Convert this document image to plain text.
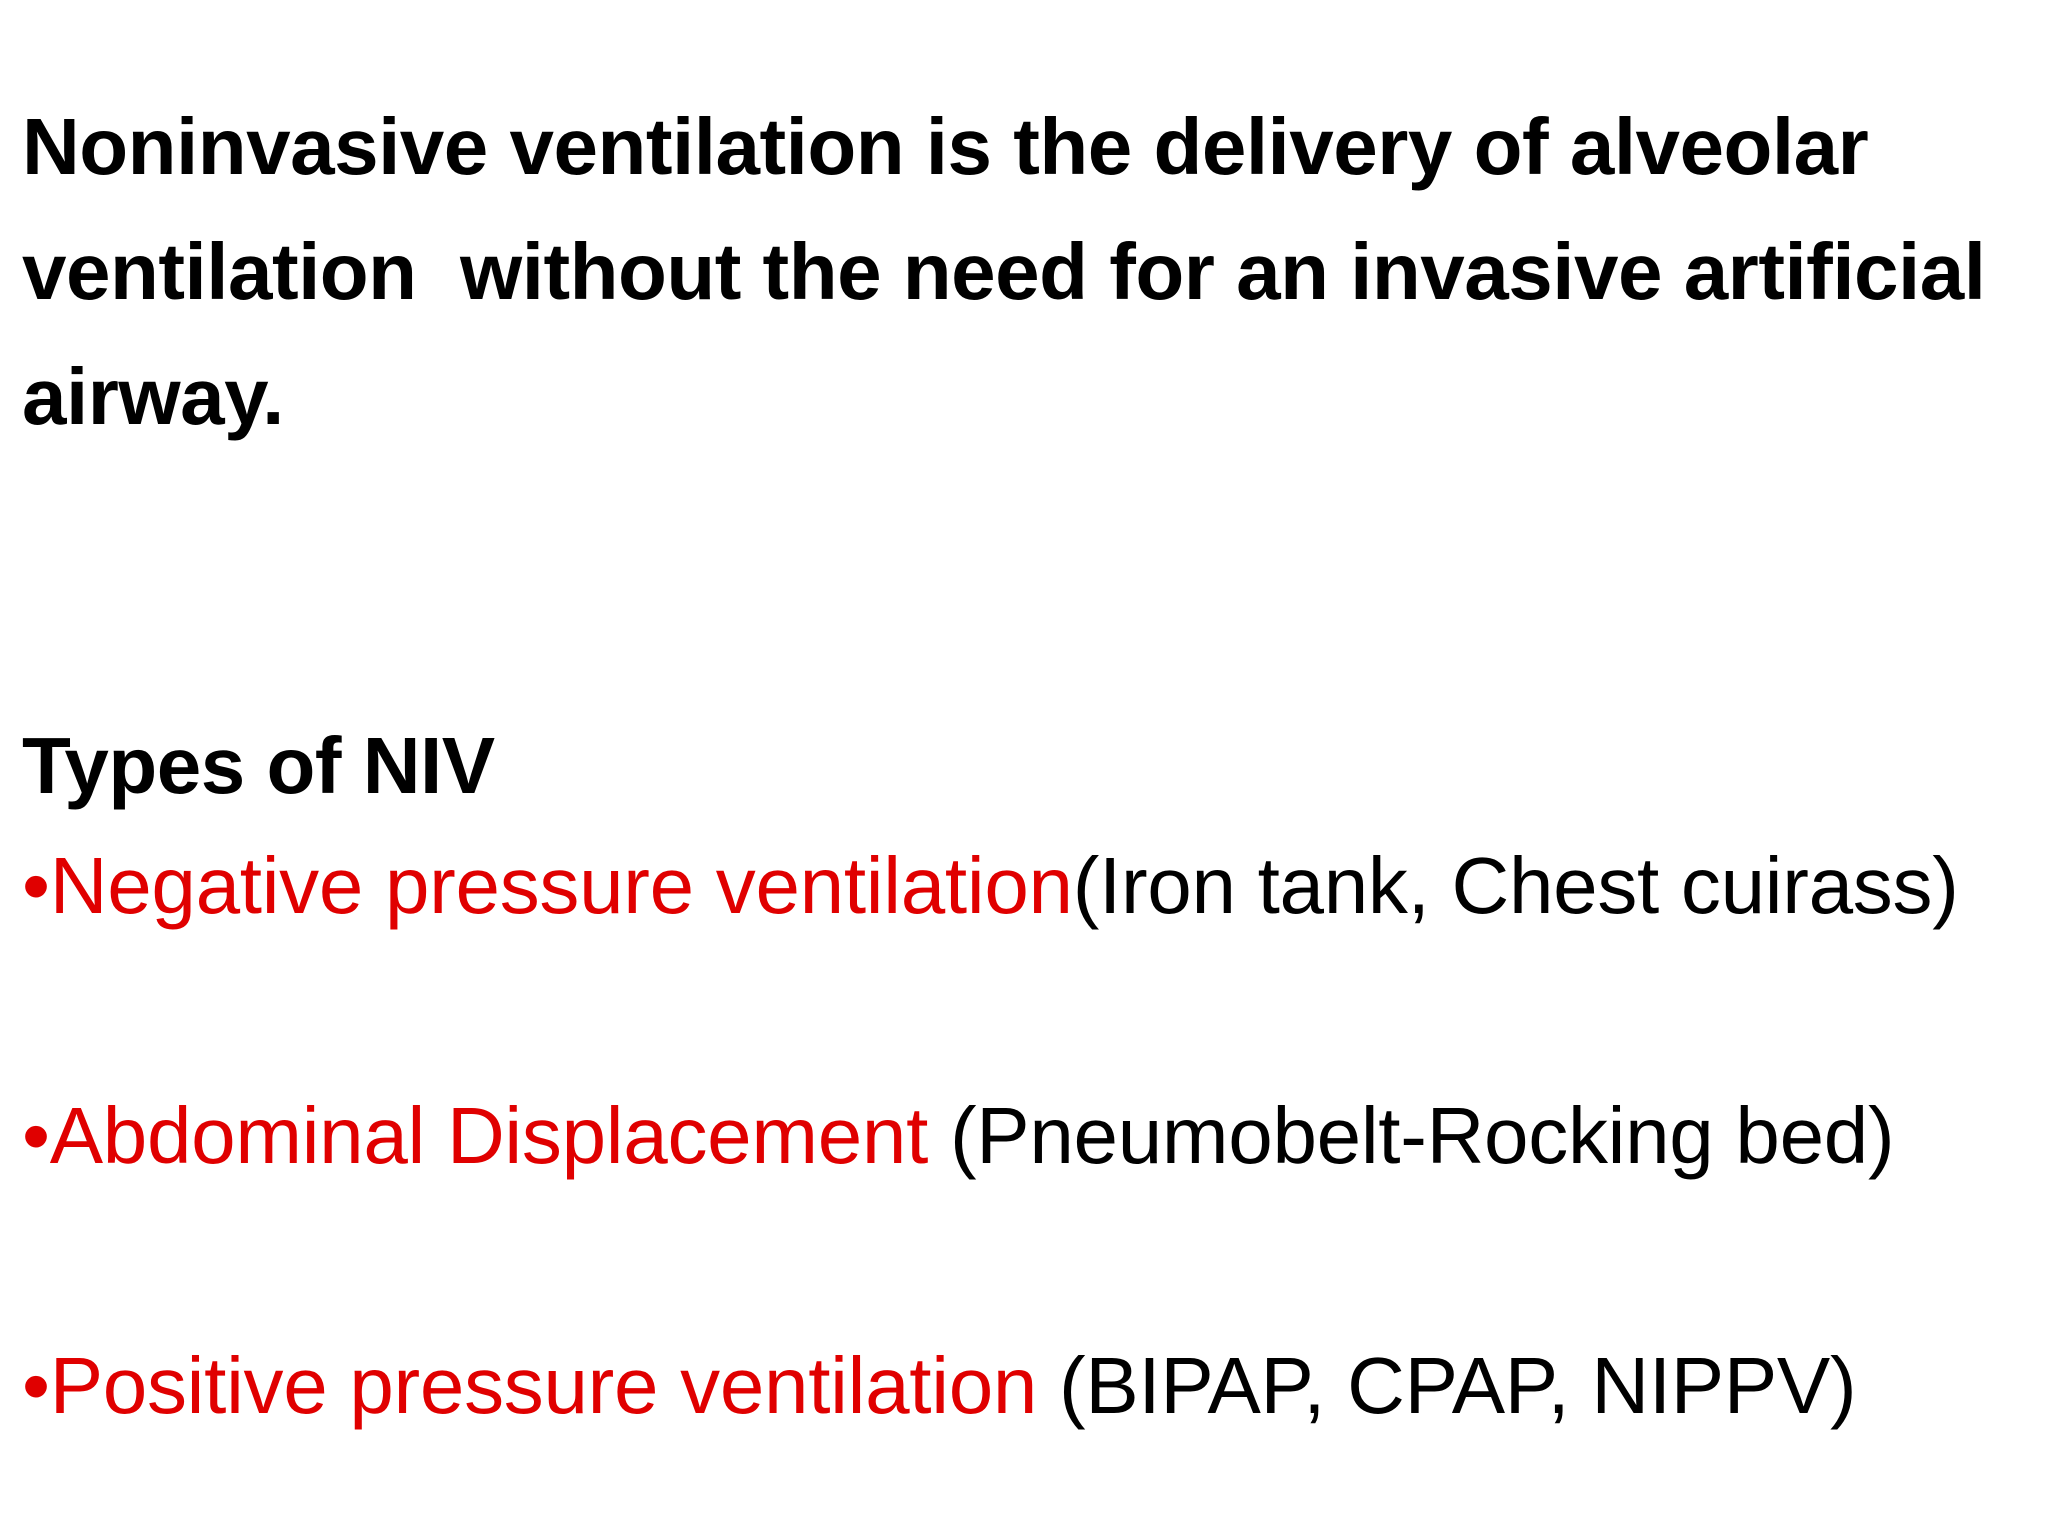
Noninvasive ventilation is the delivery of alveolar
ventilation  without the need for an invasive artificial
airway.

Types of NIV

•Negative pressure ventilation(Iron tank, Chest cuirass)

•Abdominal Displacement (Pneumobelt-Rocking bed)

•Positive pressure ventilation (BIPAP, CPAP, NIPPV)
